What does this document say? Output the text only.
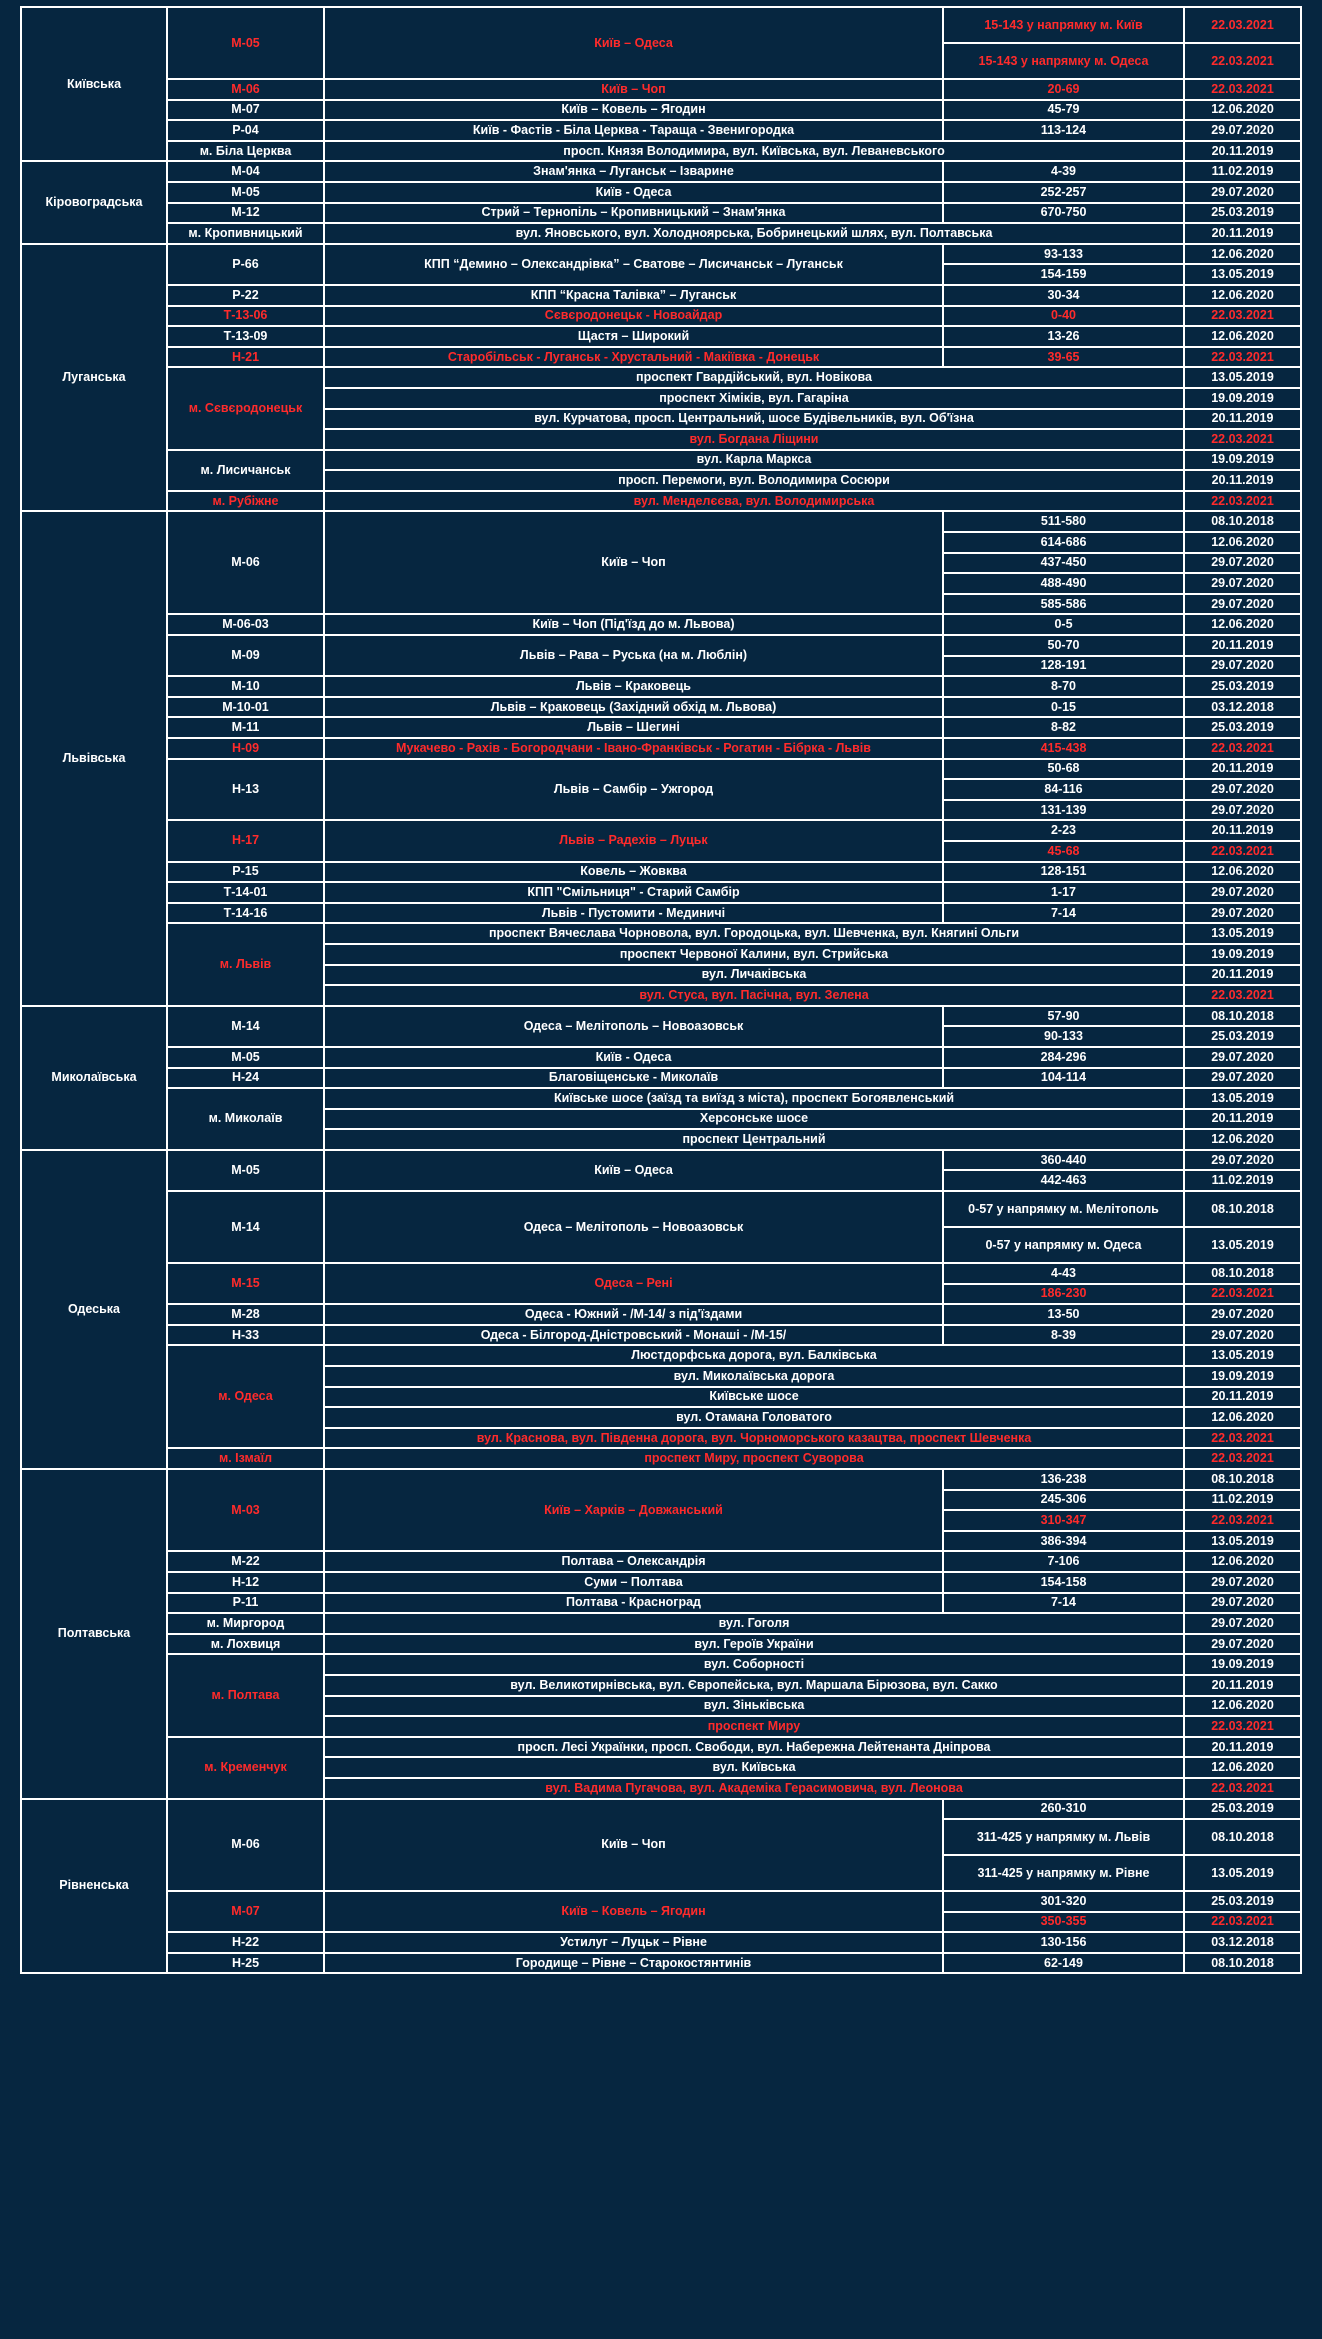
Київська	М-05	Київ – Одеса	15-143 у напрямку м. Київ	22.03.2021
			15-143 у напрямку м. Одеса	22.03.2021
	М-06	Київ – Чоп	20-69	22.03.2021
	М-07	Київ – Ковель – Ягодин	45-79	12.06.2020
	Р-04	Київ - Фастів - Біла Церква - Тараща - Звенигородка	113-124	29.07.2020
	м. Біла Церква	просп. Князя Володимира, вул. Київська, вул. Леваневського		20.11.2019
Кіровоградська	М-04	Знам'янка – Луганськ – Ізварине	4-39	11.02.2019
	М-05	Київ - Одеса	252-257	29.07.2020
	М-12	Стрий – Тернопіль – Кропивницький – Знам'янка	670-750	25.03.2019
	м. Кропивницький	вул. Яновського, вул. Холодноярська, Бобринецький шлях, вул. Полтавська		20.11.2019
Луганська	Р-66	КПП “Демино – Олександрівка” – Сватове – Лисичанськ – Луганськ	93-133	12.06.2020
			154-159	13.05.2019
	Р-22	КПП “Красна Талівка” – Луганськ	30-34	12.06.2020
	Т-13-06	Сєвєродонецьк - Новоайдар	0-40	22.03.2021
	Т-13-09	Щастя – Широкий	13-26	12.06.2020
	Н-21	Старобільськ - Луганськ - Хрустальний - Макіївка - Донецьк	39-65	22.03.2021
	м. Сєвєродонецьк	проспект Гвардійський, вул. Новікова		13.05.2019
		проспект Хіміків, вул. Гагаріна		19.09.2019
		вул. Курчатова, просп. Центральний, шосе Будівельників, вул. Об'їзна		20.11.2019
		вул. Богдана Ліщини		22.03.2021
	м. Лисичанськ	вул. Карла Маркса		19.09.2019
		просп. Перемоги, вул. Володимира Сосюри		20.11.2019
	м. Рубіжне	вул. Менделєєва, вул. Володимирська		22.03.2021
Львівська	М-06	Київ – Чоп	511-580	08.10.2018
			614-686	12.06.2020
			437-450	29.07.2020
			488-490	29.07.2020
			585-586	29.07.2020
	М-06-03	Київ – Чоп (Під'їзд до м. Львова)	0-5	12.06.2020
	М-09	Львів – Рава – Руська (на м. Люблін)	50-70	20.11.2019
			128-191	29.07.2020
	М-10	Львів – Краковець	8-70	25.03.2019
	М-10-01	Львів – Краковець (Західний обхід м. Львова)	0-15	03.12.2018
	М-11	Львів – Шегині	8-82	25.03.2019
	Н-09	Мукачево - Рахів - Богородчани - Івано-Франківськ - Рогатин - Бібрка - Львів	415-438	22.03.2021
	Н-13	Львів – Самбір – Ужгород	50-68	20.11.2019
			84-116	29.07.2020
			131-139	29.07.2020
	Н-17	Львів – Радехів – Луцьк	2-23	20.11.2019
			45-68	22.03.2021
	Р-15	Ковель – Жовква	128-151	12.06.2020
	Т-14-01	КПП "Смільниця" - Старий Самбір	1-17	29.07.2020
	Т-14-16	Львів - Пустомити - Мединичі	7-14	29.07.2020
	м. Львів	проспект Вячеслава Чорновола, вул. Городоцька, вул. Шевченка, вул. Княгині Ольги		13.05.2019
		проспект Червоної Калини, вул. Стрийська		19.09.2019
		вул. Личаківська		20.11.2019
		вул. Стуса, вул. Пасічна, вул. Зелена		22.03.2021
Миколаївська	М-14	Одеса – Мелітополь – Новоазовськ	57-90	08.10.2018
			90-133	25.03.2019
	М-05	Київ - Одеса	284-296	29.07.2020
	Н-24	Благовіщенське - Миколаїв	104-114	29.07.2020
	м. Миколаїв	Київське шосе (заїзд та виїзд з міста), проспект Богоявленський		13.05.2019
		Херсонське шосе		20.11.2019
		проспект Центральний		12.06.2020
Одеська	М-05	Київ – Одеса	360-440	29.07.2020
			442-463	11.02.2019
	М-14	Одеса – Мелітополь – Новоазовськ	0-57 у напрямку м. Мелітополь	08.10.2018
			0-57 у напрямку м. Одеса	13.05.2019
	М-15	Одеса – Рені	4-43	08.10.2018
			186-230	22.03.2021
	М-28	Одеса - Южний - /М-14/ з під'їздами	13-50	29.07.2020
	Н-33	Одеса - Білгород-Дністровський - Монаші - /М-15/	8-39	29.07.2020
	м. Одеса	Люстдорфська дорога, вул. Балківська		13.05.2019
		вул. Миколаївська дорога		19.09.2019
		Київське шосе		20.11.2019
		вул. Отамана Головатого		12.06.2020
		вул. Краснова, вул. Південна дорога, вул. Чорноморського казацтва, проспект Шевченка		22.03.2021
	м. Ізмаїл	проспект Миру, проспект Суворова		22.03.2021
Полтавська	М-03	Київ – Харків – Довжанський	136-238	08.10.2018
			245-306	11.02.2019
			310-347	22.03.2021
			386-394	13.05.2019
	М-22	Полтава – Олександрія	7-106	12.06.2020
	Н-12	Суми – Полтава	154-158	29.07.2020
	Р-11	Полтава - Красноград	7-14	29.07.2020
	м. Миргород	вул. Гоголя		29.07.2020
	м. Лохвиця	вул. Героїв України		29.07.2020
	м. Полтава	вул. Соборності		19.09.2019
		вул. Великотирнівська, вул. Європейська, вул. Маршала Бірюзова, вул. Сакко		20.11.2019
		вул. Зіньківська		12.06.2020
		проспект Миру		22.03.2021
	м. Кременчук	просп. Лесі Українки, просп. Свободи, вул. Набережна Лейтенанта Дніпрова		20.11.2019
		вул. Київська		12.06.2020
		вул. Вадима Пугачова, вул. Академіка Герасимовича, вул. Леонова		22.03.2021
Рівненська	М-06	Київ – Чоп	260-310	25.03.2019
			311-425 у напрямку м. Львів	08.10.2018
			311-425 у напрямку м. Рівне	13.05.2019
	М-07	Київ – Ковель – Ягодин	301-320	25.03.2019
			350-355	22.03.2021
	Н-22	Устилуг – Луцьк – Рівне	130-156	03.12.2018
	Н-25	Городище – Рівне – Старокостянтинів	62-149	08.10.2018
